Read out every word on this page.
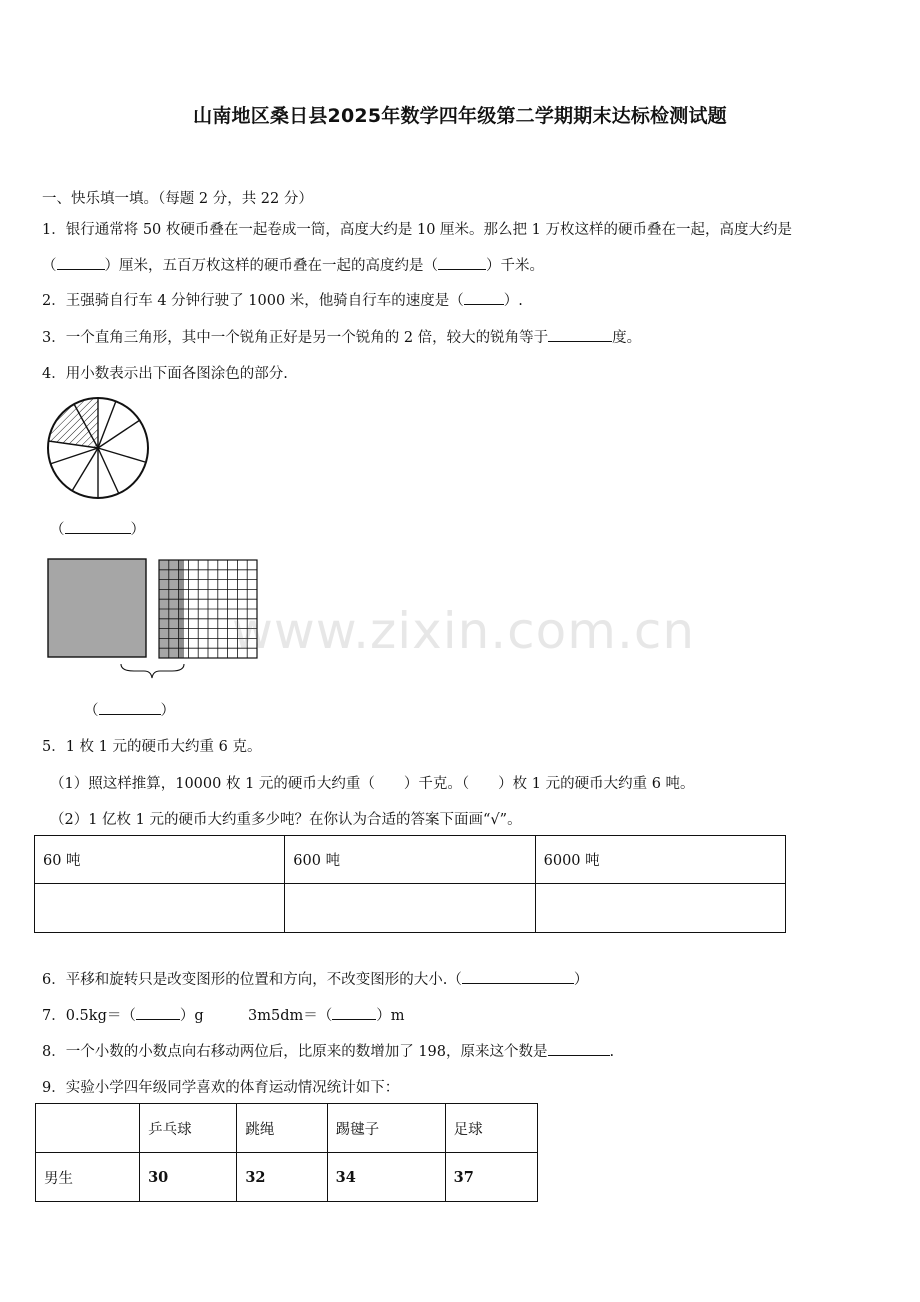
山南地区桑日县2025年数学四年级第二学期期末达标检测试题
一、快乐填一填。（每题 2 分，共 22 分）
1．银行通常将 50 枚硬币叠在一起卷成一筒，高度大约是 10 厘米。那么把 1 万枚这样的硬币叠在一起，高度大约是
（	）厘米，五百万枚这样的硬币叠在一起的高度约是（	）千米。
2．王强骑自行车 4 分钟行驶了 1000 米，他骑自行车的速度是（	）.
3．一个直角三角形，其中一个锐角正好是另一个锐角的 2 倍，较大的锐角等于	度。
4．用小数表示出下面各图涂色的部分.
（	）
（	）
5．1 枚 1 元的硬币大约重 6 克。
（1）照这样推算，10000 枚 1 元的硬币大约重（　　）千克。（　　）枚 1 元的硬币大约重 6 吨。
（2）1 亿枚 1 元的硬币大约重多少吨？在你认为合适的答案下面画“√”。
60 吨	600 吨	6000 吨

6．平移和旋转只是改变图形的位置和方向，不改变图形的大小.（	）
7．0.5kg＝（	）g	3m5dm＝（	）m
8．一个小数的小数点向右移动两位后，比原来的数增加了 198，原来这个数是	.
9．实验小学四年级同学喜欢的体育运动情况统计如下：
	乒乓球	跳绳	踢毽子	足球
男生	30	32	34	37
www.zixin.com.cn
